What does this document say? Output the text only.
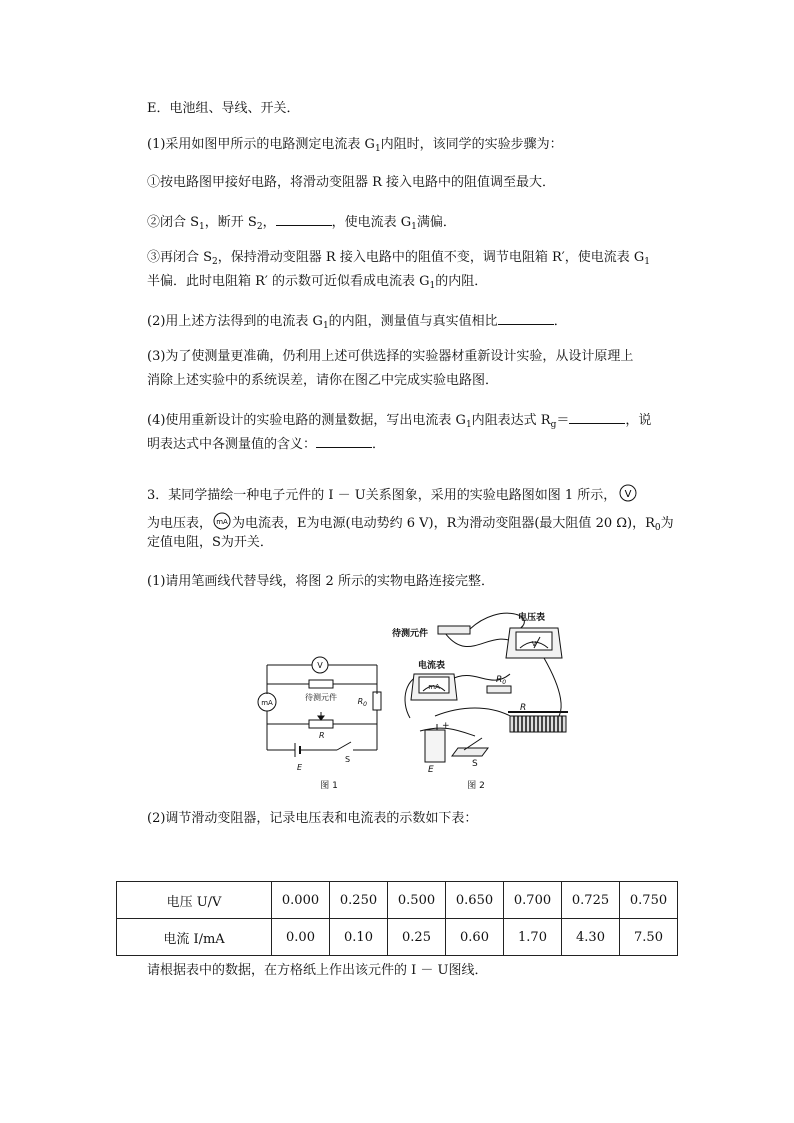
E．电池组、导线、开关．
(1)采用如图甲所示的电路测定电流表 $G_1$内阻时，该同学的实验步骤为：
①按电路图甲接好电路，将滑动变阻器 R 接入电路中的阻值调至最大．
②闭合 $S_1$，断开 $S_2$，	，使电流表 $G_1$满偏．
③再闭合 $S_2$，保持滑动变阻器 R 接入电路中的阻值不变，调节电阻箱 R′，使电流表 $G_1$
半偏．此时电阻箱 R′ 的示数可近似看成电流表 $G_1$的内阻．
(2)用上述方法得到的电流表 $G_1$的内阻，测量值与真实值相比	．
(3)为了使测量更准确，仍利用上述可供选择的实验器材重新设计实验，从设计原理上
消除上述实验中的系统误差，请你在图乙中完成实验电路图．
(4)使用重新设计的实验电路的测量数据，写出电流表 $G_1$内阻表达式 $R_g=$	，说
明表达式中各测量值的含义：	．
3．某同学描绘一种电子元件的 I － U关系图象，采用的实验电路图如图 1 所示， V
为电压表， mA 为电流表，E为电源(电动势约 6 V)，R为滑动变阻器(最大阻值 20 Ω)，$R_0$为
定值电阻，S为开关．
(1)请用笔画线代替导线，将图 2 所示的实物电路连接完整．
V
mA
待测元件	$R_0$
R
E
S
图 1
电压表
待测元件
电流表
V
mA
$R_0$
R
+
E
S
图 2
(2)调节滑动变阻器，记录电压表和电流表的示数如下表：
电压 U/V	0.000	0.250	0.500	0.650	0.700	0.725	0.750
电流 I/mA	0.00	0.10	0.25	0.60	1.70	4.30	7.50
请根据表中的数据，在方格纸上作出该元件的 I － U图线．
